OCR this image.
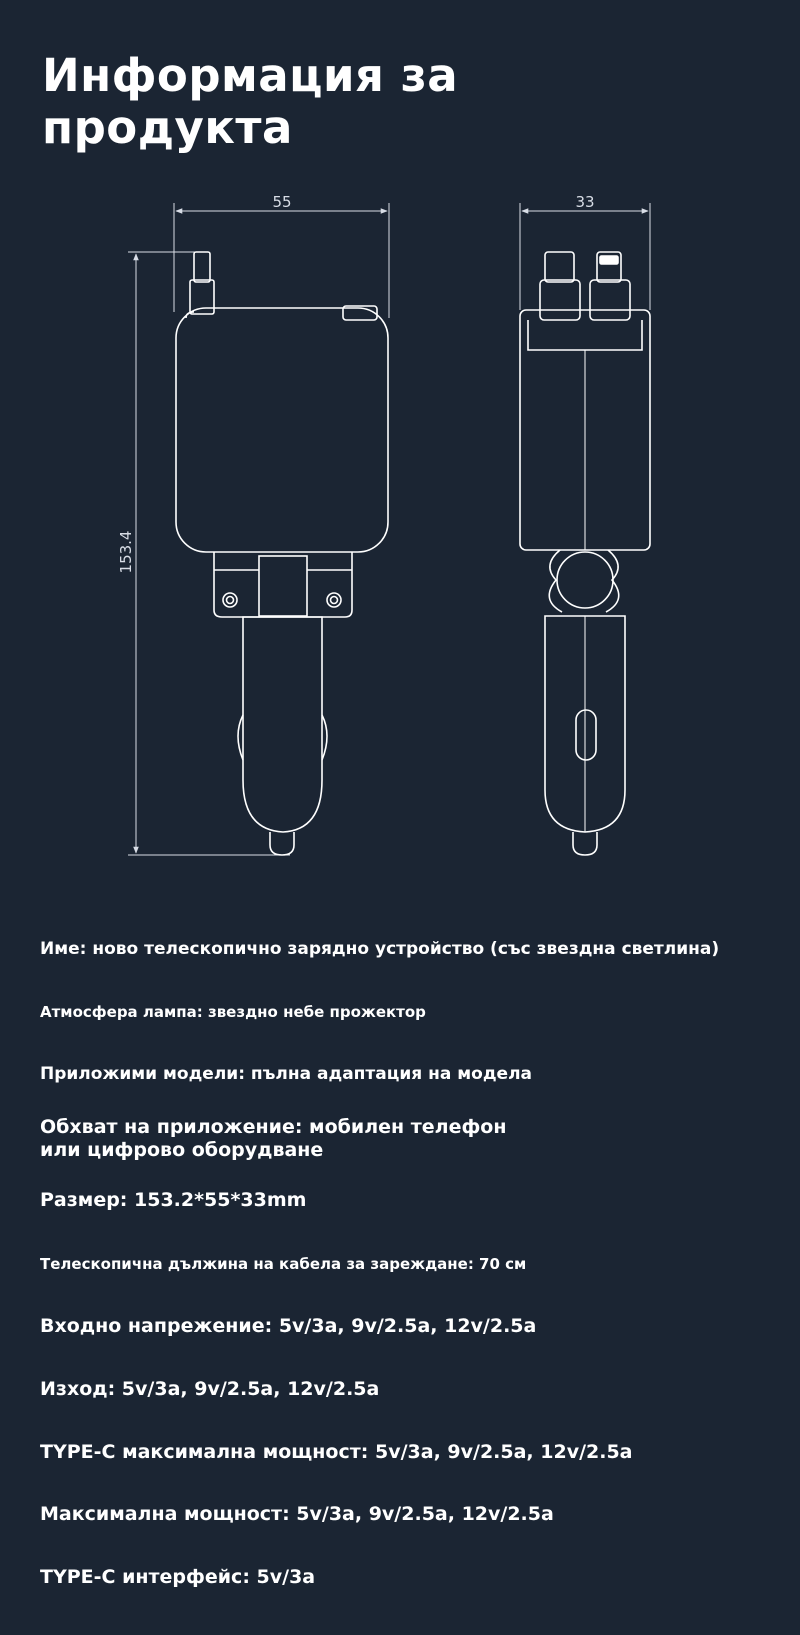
Информация за продукта
55
153.4
33

Име: ново телескопично зарядно устройство (със звездна светлина)

Атмосфера лампа: звездно небе прожектор

Приложими модели: пълна адаптация на модела

Обхват на приложение: мобилен телефон или цифрово оборудване

Размер: 153.2*55*33mm

Телескопична дължина на кабела за зареждане: 70 см

Входно напрежение: 5v/3a, 9v/2.5a, 12v/2.5a

Изход: 5v/3a, 9v/2.5a, 12v/2.5a

TYPE-C максимална мощност: 5v/3a, 9v/2.5a, 12v/2.5a

Максимална мощност: 5v/3a, 9v/2.5a, 12v/2.5a

TYPE-C интерфейс: 5v/3a
